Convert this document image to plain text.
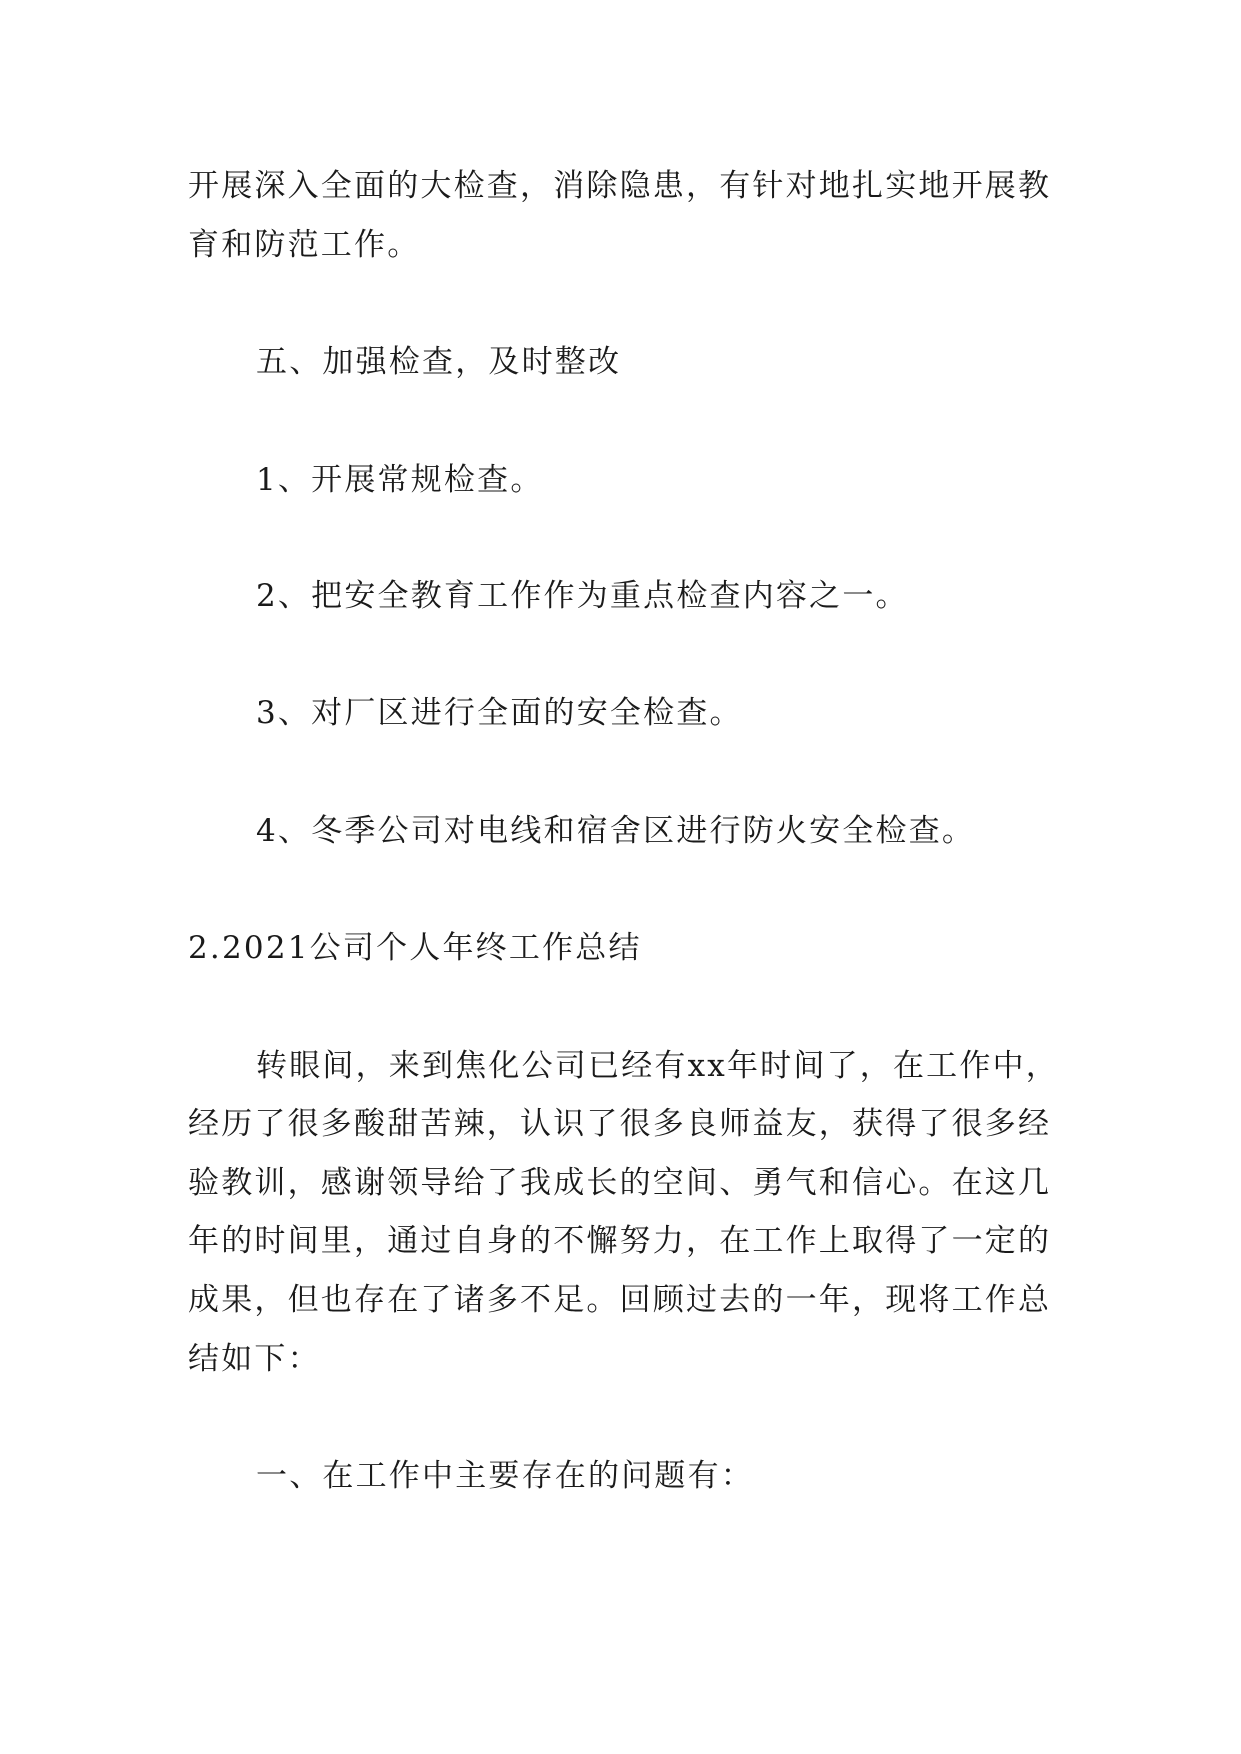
开展深入全面的大检查，消除隐患，有针对地扎实地开展教
育和防范工作。
五、加强检查，及时整改
1、开展常规检查。
2、把安全教育工作作为重点检查内容之一。
3、对厂区进行全面的安全检查。
4、冬季公司对电线和宿舍区进行防火安全检查。
2.2021公司个人年终工作总结
转眼间，来到焦化公司已经有xx年时间了，在工作中，
经历了很多酸甜苦辣，认识了很多良师益友，获得了很多经
验教训，感谢领导给了我成长的空间、勇气和信心。在这几
年的时间里，通过自身的不懈努力，在工作上取得了一定的
成果，但也存在了诸多不足。回顾过去的一年，现将工作总
结如下：
一、在工作中主要存在的问题有：
